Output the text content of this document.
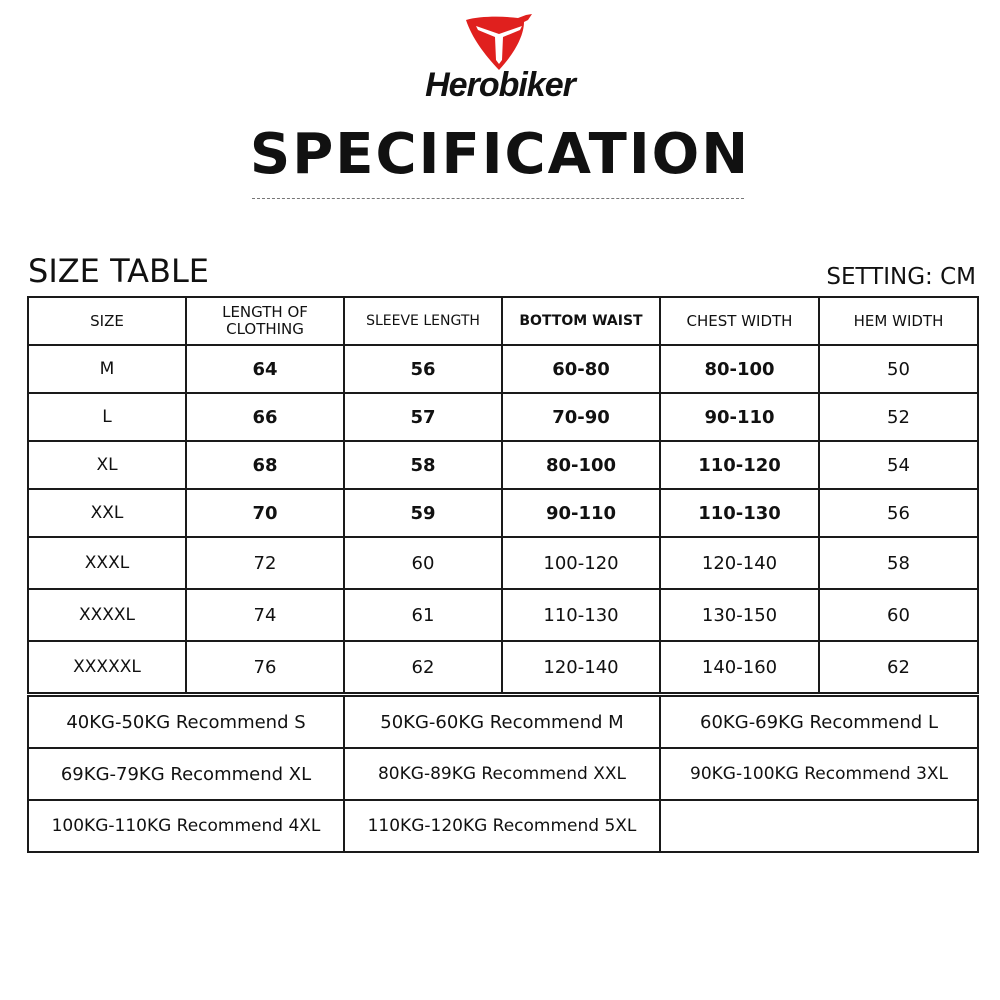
Herobiker
SPECIFICATION
SIZE TABLE	SETTING: CM
SIZE	LENGTH OF CLOTHING	SLEEVE LENGTH	BOTTOM WAIST	CHEST WIDTH	HEM WIDTH
M	64	56	60-80	80-100	50
L	66	57	70-90	90-110	52
XL	68	58	80-100	110-120	54
XXL	70	59	90-110	110-130	56
XXXL	72	60	100-120	120-140	58
XXXXL	74	61	110-130	130-150	60
XXXXXL	76	62	120-140	140-160	62
40KG-50KG Recommend S	50KG-60KG Recommend M	60KG-69KG Recommend L
69KG-79KG Recommend XL	80KG-89KG Recommend XXL	90KG-100KG Recommend 3XL
100KG-110KG Recommend 4XL	110KG-120KG Recommend 5XL	
